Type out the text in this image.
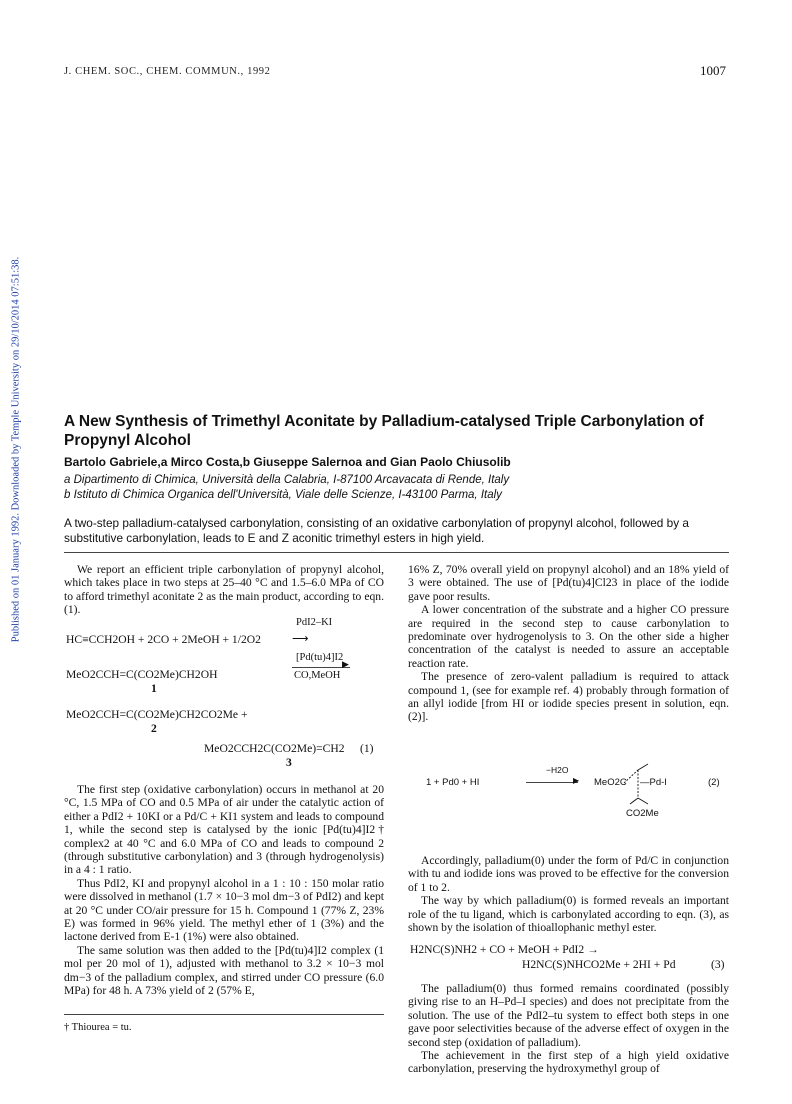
J. CHEM. SOC., CHEM. COMMUN., 1992	1007
Published on 01 January 1992. Downloaded by Temple University on 29/10/2014 07:51:38.	A New Synthesis of Trimethyl Aconitate by Palladium-catalysed Triple Carbonylation of Propynyl Alcohol
Bartolo Gabriele,a Mirco Costa,b Giuseppe Salernoa and Gian Paolo Chiusolib
a Dipartimento di Chimica, Università della Calabria, I-87100 Arcavacata di Rende, Italy
b Istituto di Chimica Organica dell'Università, Viale delle Scienze, I-43100 Parma, Italy
A two-step palladium-catalysed carbonylation, consisting of an oxidative carbonylation of propynyl alcohol, followed by a substitutive carbonylation, leads to E and Z aconitic trimethyl esters in high yield.

We report an efficient triple carbonylation of propynyl alcohol, which takes place in two steps at 25–40 °C and 1.5–6.0 MPa of CO to afford trimethyl aconitate 2 as the main product, according to eqn. (1).

HC≡CCH2OH + 2CO + 2MeOH + 1/2O2
PdI2–KI
⟶
MeO2CCH=C(CO2Me)CH2OH
1
[Pd(tu)4]I2
▶
CO,MeOH
MeO2CCH=C(CO2Me)CH2CO2Me +
2
MeO2CCH2C(CO2Me)=CH2 (1)
3

The first step (oxidative carbonylation) occurs in methanol at 20 °C, 1.5 MPa of CO and 0.5 MPa of air under the catalytic action of either a PdI2 + 10KI or a Pd/C + KI1 system and leads to compound 1, while the second step is catalysed by the ionic [Pd(tu)4]I2† complex2 at 40 °C and 6.0 MPa of CO and leads to compound 2 (through substitutive carbonylation) and 3 (through hydrogenolysis) in a 4 : 1 ratio.

Thus PdI2, KI and propynyl alcohol in a 1 : 10 : 150 molar ratio were dissolved in methanol (1.7 × 10−3 mol dm−3 of PdI2) and kept at 20 °C under CO/air pressure for 15 h. Compound 1 (77% Z, 23% E) was formed in 96% yield. The methyl ether of 1 (3%) and the lactone derived from E-1 (1%) were also obtained.

The same solution was then added to the [Pd(tu)4]I2 complex (1 mol per 20 mol of 1), adjusted with methanol to 3.2 × 10−3 mol dm−3 of the palladium complex, and stirred under CO pressure (6.0 MPa) for 48 h. A 73% yield of 2 (57% E,

† Thiourea = tu.

16% Z, 70% overall yield on propynyl alcohol) and an 18% yield of 3 were obtained. The use of [Pd(tu)4]Cl23 in place of the iodide gave poor results.

A lower concentration of the substrate and a higher CO pressure are required in the second step to cause carbonylation to predominate over hydrogenolysis to 3. On the other side a higher concentration of the catalyst is needed to assure an acceptable reaction rate.

The presence of zero-valent palladium is required to attack compound 1, (see for example ref. 4) probably through formation of an allyl iodide [from HI or iodide species present in solution, eqn. (2)].

1 + Pd0 + HI
−H2O
▶ MeO2C —Pd-I
CO2Me
(2)

Accordingly, palladium(0) under the form of Pd/C in conjunction with tu and iodide ions was proved to be effective for the conversion of 1 to 2.

The way by which palladium(0) is formed reveals an important role of the tu ligand, which is carbonylated according to eqn. (3), as shown by the isolation of thioallophanic methyl ester.

H2NC(S)NH2 + CO + MeOH + PdI2 →
H2NC(S)NHCO2Me + 2HI + Pd	(3)

The palladium(0) thus formed remains coordinated (possibly giving rise to an H–Pd–I species) and does not precipitate from the solution. The use of the PdI2–tu system to effect both steps in one gave poor selectivities because of the adverse effect of oxygen in the second step (oxidation of palladium).

The achievement in the first step of a high yield oxidative carbonylation, preserving the hydroxymethyl group of
